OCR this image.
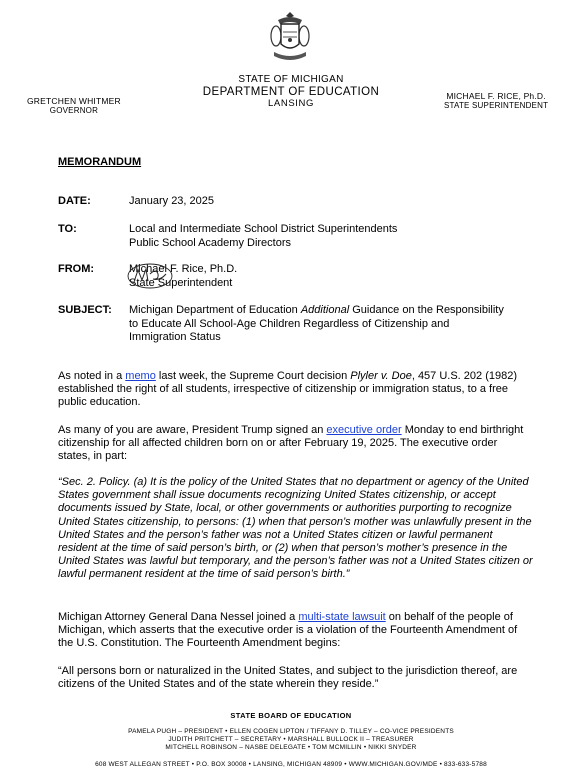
STATE OF MICHIGAN
DEPARTMENT OF EDUCATION
LANSING
GRETCHEN WHITMER
GOVERNOR
MICHAEL F. RICE, Ph.D.
STATE SUPERINTENDENT
MEMORANDUM
DATE:	January 23, 2025
TO:	Local and Intermediate School District Superintendents
Public School Academy Directors
FROM:	Michael F. Rice, Ph.D.
State Superintendent
SUBJECT: Michigan Department of Education Additional Guidance on the Responsibility to Educate All School-Age Children Regardless of Citizenship and Immigration Status
As noted in a memo last week, the Supreme Court decision Plyler v. Doe, 457 U.S. 202 (1982) established the right of all students, irrespective of citizenship or immigration status, to a free public education.
As many of you are aware, President Trump signed an executive order Monday to end birthright citizenship for all affected children born on or after February 19, 2025. The executive order states, in part:
“Sec. 2. Policy. (a) It is the policy of the United States that no department or agency of the United States government shall issue documents recognizing United States citizenship, or accept documents issued by State, local, or other governments or authorities purporting to recognize United States citizenship, to persons: (1) when that person’s mother was unlawfully present in the United States and the person’s father was not a United States citizen or lawful permanent resident at the time of said person’s birth, or (2) when that person’s mother’s presence in the United States was lawful but temporary, and the person’s father was not a United States citizen or lawful permanent resident at the time of said person’s birth.”
Michigan Attorney General Dana Nessel joined a multi-state lawsuit on behalf of the people of Michigan, which asserts that the executive order is a violation of the Fourteenth Amendment of the U.S. Constitution. The Fourteenth Amendment begins:
“All persons born or naturalized in the United States, and subject to the jurisdiction thereof, are citizens of the United States and of the state wherein they reside.”
STATE BOARD OF EDUCATION
PAMELA PUGH – PRESIDENT • ELLEN COGEN LIPTON / TIFFANY D. TILLEY – CO-VICE PRESIDENTS
JUDITH PRITCHETT – SECRETARY • MARSHALL BULLOCK II – TREASURER
MITCHELL ROBINSON – NASBE DELEGATE • TOM MCMILLIN • NIKKI SNYDER
608 WEST ALLEGAN STREET • P.O. BOX 30008 • LANSING, MICHIGAN 48909 • WWW.MICHIGAN.GOV/MDE • 833-633-5788
